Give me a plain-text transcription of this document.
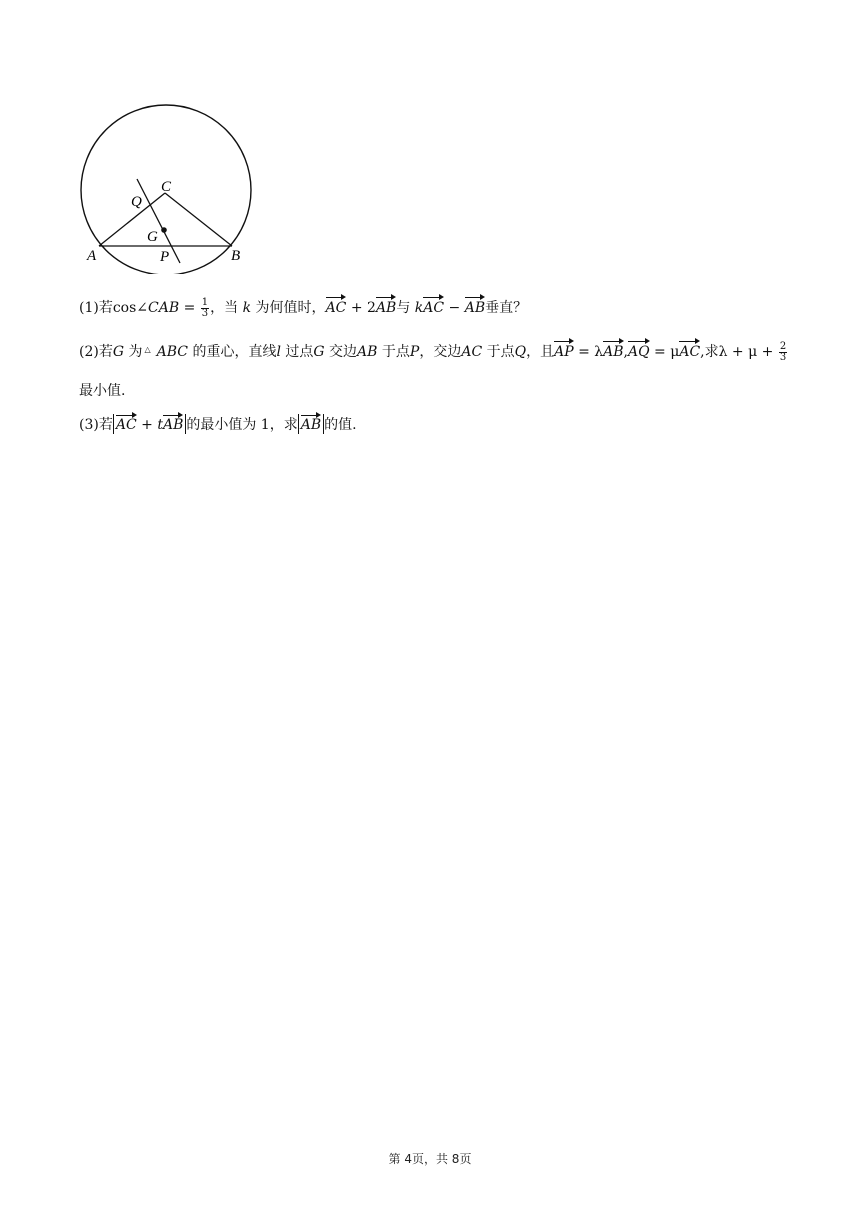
A	B
C
Q
G
P
(1)若cos∠CAB = $\frac{1}{3}$ ，当 k 为何值时，AC + 2AB与 kAC − AB垂直？
(2)若G 为 △ ABC 的重心，直线l 过点G 交边AB 于点P，交边AC 于点Q，且AP = λAB,AQ = μAC,求$\lambda + \mu + \frac{2}{3}$
最小值.
(3)若 AC + tAB 的最小值为 1，求 AB 的值.
第 4页，共 8页
